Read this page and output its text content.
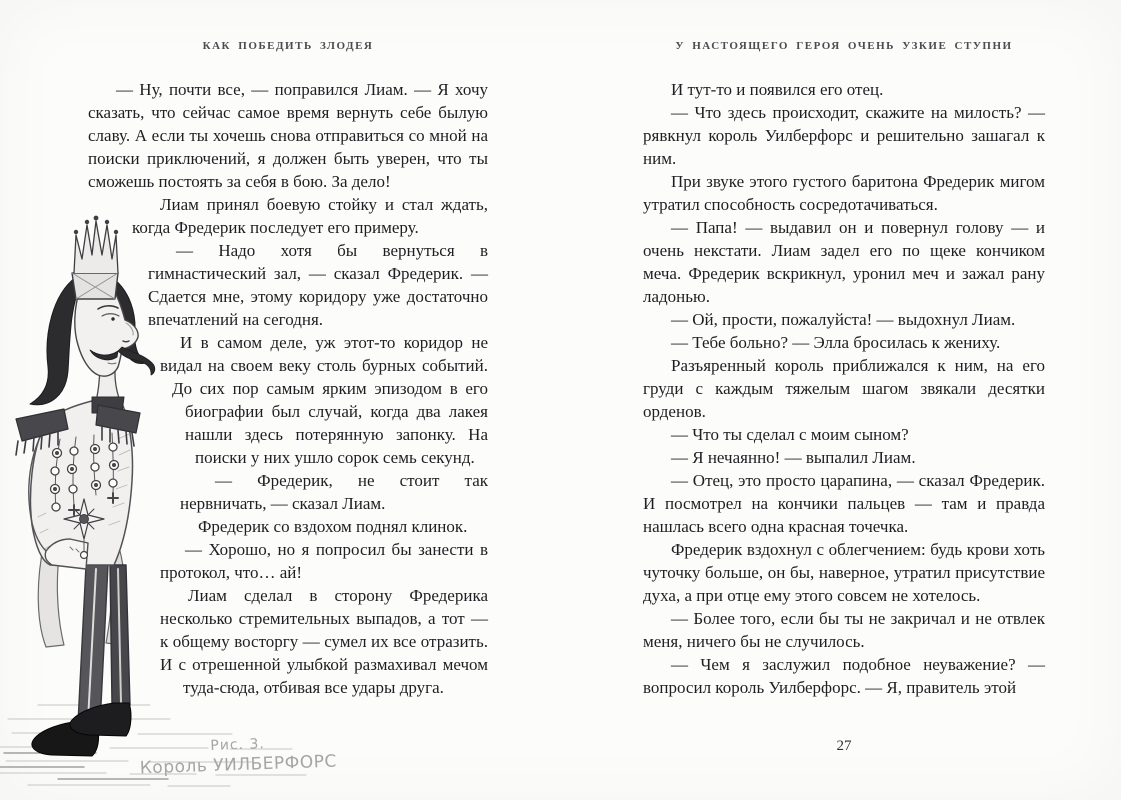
КАК ПОБЕДИТЬ ЗЛОДЕЯ

— Ну, почти все, — поправился Лиам. — Я хочу сказать, что сейчас самое время вернуть себе былую славу. А если ты хочешь снова отправиться со мной на поиски приключений, я должен быть уверен, что ты сможешь постоять за себя в бою. За дело!

Лиам принял боевую стойку и стал ждать, когда Фредерик последует его примеру.

— Надо хотя бы вернуться в гимнастический зал, — сказал Фредерик. — Сдается мне, этому коридору уже достаточно впечатлений на сегодня.

И в самом деле, уж этот-то коридор не видал на своем веку столь бурных событий. До сих пор самым ярким эпизодом в его биографии был случай, когда два лакея нашли здесь потерянную запонку. На поиски у них ушло сорок семь секунд.

— Фредерик, не стоит так нервничать, — сказал Лиам.

Фредерик со вздохом поднял клинок.

— Хорошо, но я попросил бы занести в протокол, что… ай!

Лиам сделал в сторону Фредерика несколько стремительных выпадов, а тот — к общему восторгу — сумел их все отразить. И с отрешенной улыбкой размахивал мечом туда-сюда, отбивая все удары друга.

У НАСТОЯЩЕГО ГЕРОЯ ОЧЕНЬ УЗКИЕ СТУПНИ

И тут-то и появился его отец.

— Что здесь происходит, скажите на милость? — рявкнул король Уилберфорс и решительно зашагал к ним.

При звуке этого густого баритона Фредерик мигом утратил способность сосредотачиваться.

— Папа! — выдавил он и повернул голову — и очень некстати. Лиам задел его по щеке кончиком меча. Фредерик вскрикнул, уронил меч и зажал рану ладонью.

— Ой, прости, пожалуйста! — выдохнул Лиам.

— Тебе больно? — Элла бросилась к жениху.

Разъяренный король приближался к ним, на его груди с каждым тяжелым шагом звякали десятки орденов.

— Что ты сделал с моим сыном?

— Я нечаянно! — выпалил Лиам.

— Отец, это просто царапина, — сказал Фредерик. И посмотрел на кончики пальцев — там и правда нашлась всего одна красная точечка.

Фредерик вздохнул с облегчением: будь крови хоть чуточку больше, он бы, наверное, утратил присутствие духа, а при отце ему этого совсем не хотелось.

— Более того, если бы ты не закричал и не отвлек меня, ничего бы не случилось.

— Чем я заслужил подобное неуважение? — вопросил король Уилберфорс. — Я, правитель этой

27
Рис. 3.
Король УИЛБЕРФОРС
